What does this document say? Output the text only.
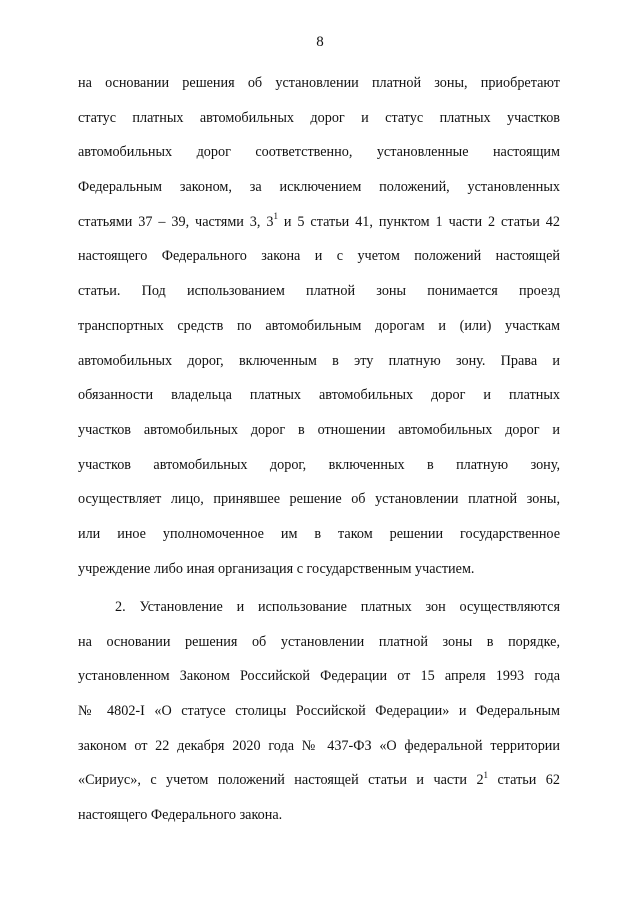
8
на основании решения об установлении платной зоны, приобретают
статус платных автомобильных дорог и статус платных участков
автомобильных дорог соответственно, установленные настоящим
Федеральным законом, за исключением положений, установленных
статьями 37 – 39, частями 3, $3^1$ и 5 статьи 41, пунктом 1 части 2 статьи 42
настоящего Федерального закона и с учетом положений настоящей
статьи. Под использованием платной зоны понимается проезд
транспортных средств по автомобильным дорогам и (или) участкам
автомобильных дорог, включенным в эту платную зону. Права и
обязанности владельца платных автомобильных дорог и платных
участков автомобильных дорог в отношении автомобильных дорог и
участков автомобильных дорог, включенных в платную зону,
осуществляет лицо, принявшее решение об установлении платной зоны,
или иное уполномоченное им в таком решении государственное
учреждение либо иная организация с государственным участием.
2. Установление и использование платных зон осуществляются
на основании решения об установлении платной зоны в порядке,
установленном Законом Российской Федерации от 15 апреля 1993 года
№ 4802-I «О статусе столицы Российской Федерации» и Федеральным
законом от 22 декабря 2020 года № 437-ФЗ «О федеральной территории
«Сириус», с учетом положений настоящей статьи и части $2^1$ статьи 62
настоящего Федерального закона.
